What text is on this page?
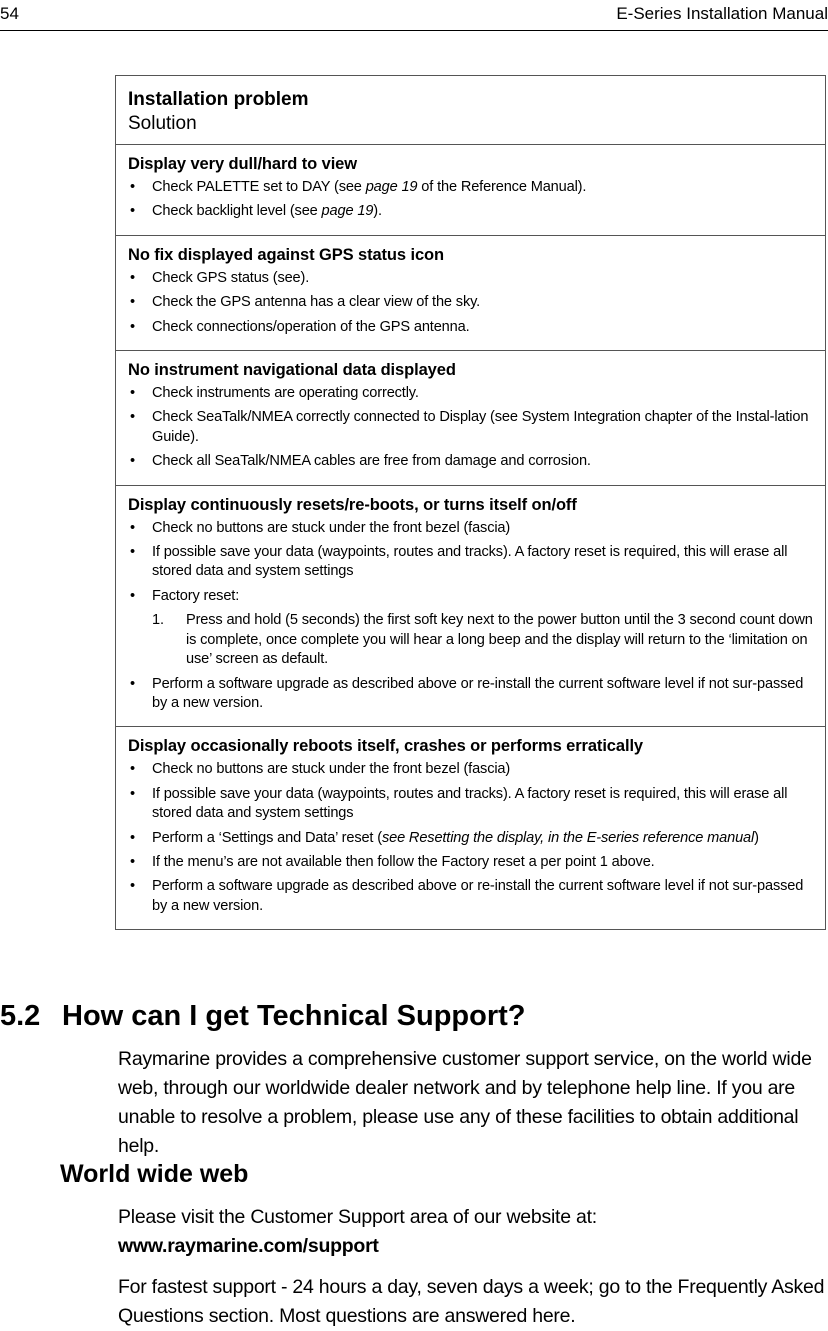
54	E-Series Installation Manual
Installation problem
Solution
Display very dull/hard to view
• Check PALETTE set to DAY (see page 19 of the Reference Manual).
• Check backlight level (see page 19).
No fix displayed against GPS status icon
• Check GPS status (see).
• Check the GPS antenna has a clear view of the sky.
• Check connections/operation of the GPS antenna.
No instrument navigational data displayed
• Check instruments are operating correctly.
• Check SeaTalk/NMEA correctly connected to Display (see System Integration chapter of the Instal-lation Guide).
• Check all SeaTalk/NMEA cables are free from damage and corrosion.
Display continuously resets/re-boots, or turns itself on/off
• Check no buttons are stuck under the front bezel (fascia)
• If possible save your data (waypoints, routes and tracks). A factory reset is required, this will erase all stored data and system settings
• Factory reset:
1. Press and hold (5 seconds) the first soft key next to the power button until the 3 second count down is complete, once complete you will hear a long beep and the display will return to the ‘limitation on use’ screen as default.
• Perform a software upgrade as described above or re-install the current software level if not sur-passed by a new version.
Display occasionally reboots itself, crashes or performs erratically
• Check no buttons are stuck under the front bezel (fascia)
• If possible save your data (waypoints, routes and tracks). A factory reset is required, this will erase all stored data and system settings
• Perform a ‘Settings and Data’ reset (see Resetting the display, in the E-series reference manual)
• If the menu’s are not available then follow the Factory reset a per point 1 above.
• Perform a software upgrade as described above or re-install the current software level if not sur-passed by a new version.
5.2 How can I get Technical Support?
Raymarine provides a comprehensive customer support service, on the world wide web, through our worldwide dealer network and by telephone help line. If you are unable to resolve a problem, please use any of these facilities to obtain additional help.
World wide web
Please visit the Customer Support area of our website at: www.raymarine.com/support
For fastest support - 24 hours a day, seven days a week; go to the Frequently Asked Questions section. Most questions are answered here.
